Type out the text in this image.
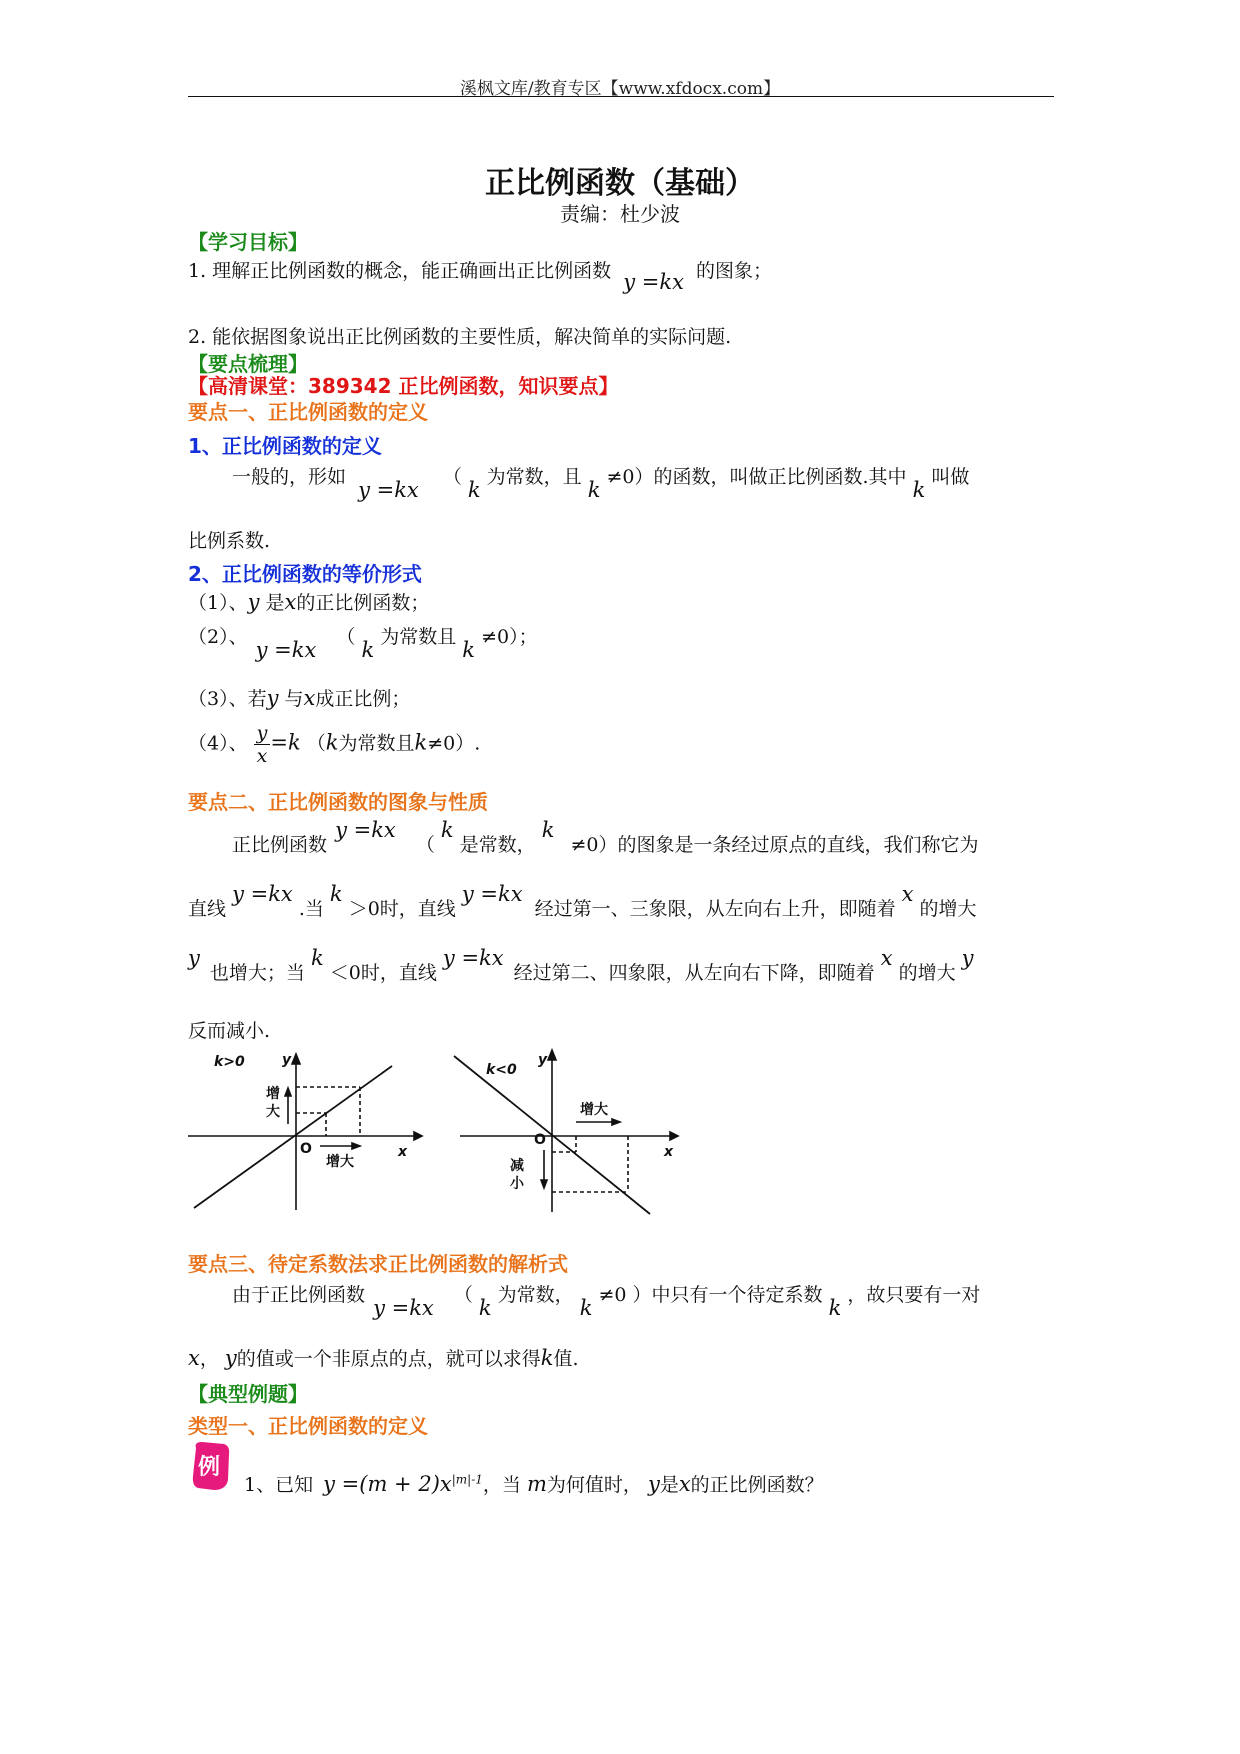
溪枫文库/教育专区【www.xfdocx.com】
正比例函数（基础）
责编：杜少波
【学习目标】
1. 理解正比例函数的概念，能正确画出正比例函数 y =kx 的图象；
2. 能依据图象说出正比例函数的主要性质，解决简单的实际问题.
【要点梳理】
【高清课堂：389342 正比例函数，知识要点】
要点一、正比例函数的定义
1、正比例函数的定义
一般的，形如 y =kx （ k 为常数，且 k ≠0）的函数，叫做正比例函数.其中 k 叫做
比例系数.
2、正比例函数的等价形式
（1）、y 是x的正比例函数；
（2）、 y =kx （ k 为常数且 k ≠0）；
（3）、若y 与x成正比例；
（4）、 $\frac{y}{x} =k$ （k为常数且k≠0）.
要点二、正比例函数的图象与性质
正比例函数 y =kx （ k 是常数， k ≠0）的图象是一条经过原点的直线，我们称它为
直线 y =kx .当 k ＞0时，直线 y =kx 经过第一、三象限，从左向右上升，即随着 x 的增大
y 也增大；当 k ＜0时，直线 y =kx 经过第二、四象限，从左向右下降，即随着 x 的增大 y
反而减小.
k>0	y
x
O
增
大
增大
k<0
y
x
O
增大
减
小
要点三、待定系数法求正比例函数的解析式
由于正比例函数 y =kx （ k 为常数， k ≠0 ）中只有一个待定系数 k ，故只要有一对
x， y的值或一个非原点的点，就可以求得k值.
【典型例题】
类型一、正比例函数的定义
例
1、已知 $y =(m + 2)x^{|m|-1}$，当 m为何值时， y是x的正比例函数？
